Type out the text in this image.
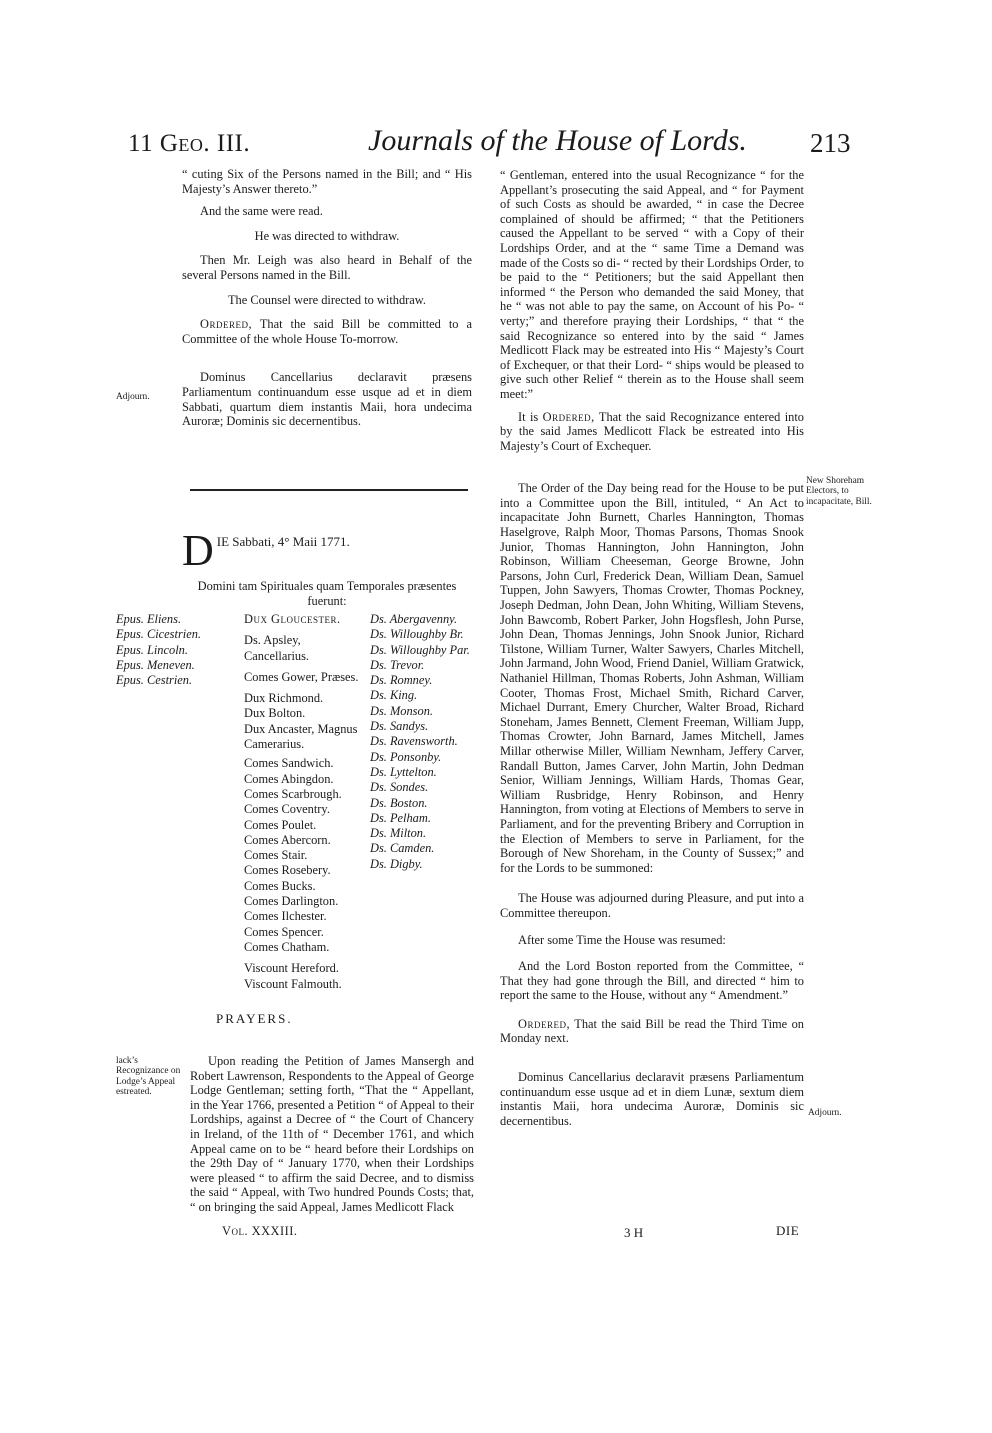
11 Geo. III.	Journals of the House of Lords. 213

“ cuting Six of the Persons named in the Bill; and “ His Majesty’s Answer thereto.”

And the same were read.

He was directed to withdraw.

Then Mr. Leigh was also heard in Behalf of the several Persons named in the Bill.

The Counsel were directed to withdraw.

Ordered, That the said Bill be committed to a Committee of the whole House To-morrow.

Dominus Cancellarius declaravit præsens Parliamentum continuandum esse usque ad et in diem Sabbati, quartum diem instantis Maii, hora undecima Auroræ; Dominis sic decernentibus.

Adjourn.
D IE Sabbati, 4° Maii 1771.

Domini tam Spirituales quam Temporales præsentes fuerunt:

Epus. Eliens.
Epus. Cicestrien.
Epus. Lincoln.
Epus. Meneven.
Epus. Cestrien.
Dux Gloucester.
Ds. Apsley, Cancellarius.
Comes Gower, Præses.
Dux Richmond.
Dux Bolton.
Dux Ancaster, Magnus Camerarius.
Comes Sandwich.
Comes Abingdon.
Comes Scarbrough.
Comes Coventry.
Comes Poulet.
Comes Abercorn.
Comes Stair.
Comes Rosebery.
Comes Bucks.
Comes Darlington.
Comes Ilchester.
Comes Spencer.
Comes Chatham.
Viscount Hereford.
Viscount Falmouth.
Ds. Abergavenny.
Ds. Willoughby Br.
Ds. Willoughby Par.
Ds. Trevor.
Ds. Romney.
Ds. King.
Ds. Monson.
Ds. Sandys.
Ds. Ravensworth.
Ds. Ponsonby.
Ds. Lyttelton.
Ds. Sondes.
Ds. Boston.
Ds. Pelham.
Ds. Milton.
Ds. Camden.
Ds. Digby.
PRAYERS.
lack’s Recognizance on Lodge’s Appeal estreated.

Upon reading the Petition of James Mansergh and Robert Lawrenson, Respondents to the Appeal of George Lodge Gentleman; setting forth, “That the “ Appellant, in the Year 1766, presented a Petition “ of Appeal to their Lordships, against a Decree of “ the Court of Chancery in Ireland, of the 11th of “ December 1761, and which Appeal came on to be “ heard before their Lordships on the 29th Day of “ January 1770, when their Lordships were pleased “ to affirm the said Decree, and to dismiss the said “ Appeal, with Two hundred Pounds Costs; that, “ on bringing the said Appeal, James Medlicott Flack

Vol. XXXIII.

“ Gentleman, entered into the usual Recognizance “ for the Appellant’s prosecuting the said Appeal, and “ for Payment of such Costs as should be awarded, “ in case the Decree complained of should be affirmed; “ that the Petitioners caused the Appellant to be served “ with a Copy of their Lordships Order, and at the “ same Time a Demand was made of the Costs so di- “ rected by their Lordships Order, to be paid to the “ Petitioners; but the said Appellant then informed “ the Person who demanded the said Money, that he “ was not able to pay the same, on Account of his Po- “ verty;” and therefore praying their Lordships, “ that “ the said Recognizance so entered into by the said “ James Medlicott Flack may be estreated into His “ Majesty’s Court of Exchequer, or that their Lord- “ ships would be pleased to give such other Relief “ therein as to the House shall seem meet:”

It is Ordered, That the said Recognizance entered into by the said James Medlicott Flack be estreated into His Majesty’s Court of Exchequer.

The Order of the Day being read for the House to be put into a Committee upon the Bill, intituled, “ An Act to incapacitate John Burnett, Charles Hannington, Thomas Haselgrove, Ralph Moor, Thomas Parsons, Thomas Snook Junior, Thomas Hannington, John Hannington, John Robinson, William Cheeseman, George Browne, John Parsons, John Curl, Frederick Dean, William Dean, Samuel Tuppen, John Sawyers, Thomas Crowter, Thomas Pockney, Joseph Dedman, John Dean, John Whiting, William Stevens, John Bawcomb, Robert Parker, John Hogsflesh, John Purse, John Dean, Thomas Jennings, John Snook Junior, Richard Tilstone, William Turner, Walter Sawyers, Charles Mitchell, John Jarmand, John Wood, Friend Daniel, William Gratwick, Nathaniel Hillman, Thomas Roberts, John Ashman, William Cooter, Thomas Frost, Michael Smith, Richard Carver, Michael Durrant, Emery Churcher, Walter Broad, Richard Stoneham, James Bennett, Clement Freeman, William Jupp, Thomas Crowter, John Barnard, James Mitchell, James Millar otherwise Miller, William Newnham, Jeffery Carver, Randall Button, James Carver, John Martin, John Dedman Senior, William Jennings, William Hards, Thomas Gear, William Rusbridge, Henry Robinson, and Henry Hannington, from voting at Elections of Members to serve in Parliament, and for the preventing Bribery and Corruption in the Election of Members to serve in Parliament, for the Borough of New Shoreham, in the County of Sussex;” and for the Lords to be summoned:

The House was adjourned during Pleasure, and put into a Committee thereupon.

After some Time the House was resumed:

And the Lord Boston reported from the Committee, “ That they had gone through the Bill, and directed “ him to report the same to the House, without any “ Amendment.”

Ordered, That the said Bill be read the Third Time on Monday next.

Dominus Cancellarius declaravit præsens Parliamentum continuandum esse usque ad et in diem Lunæ, sextum diem instantis Maii, hora undecima Auroræ, Dominis sic decernentibus.

New Shoreham Electors, to incapacitate, Bill.
Adjourn.
3 H	DIE
